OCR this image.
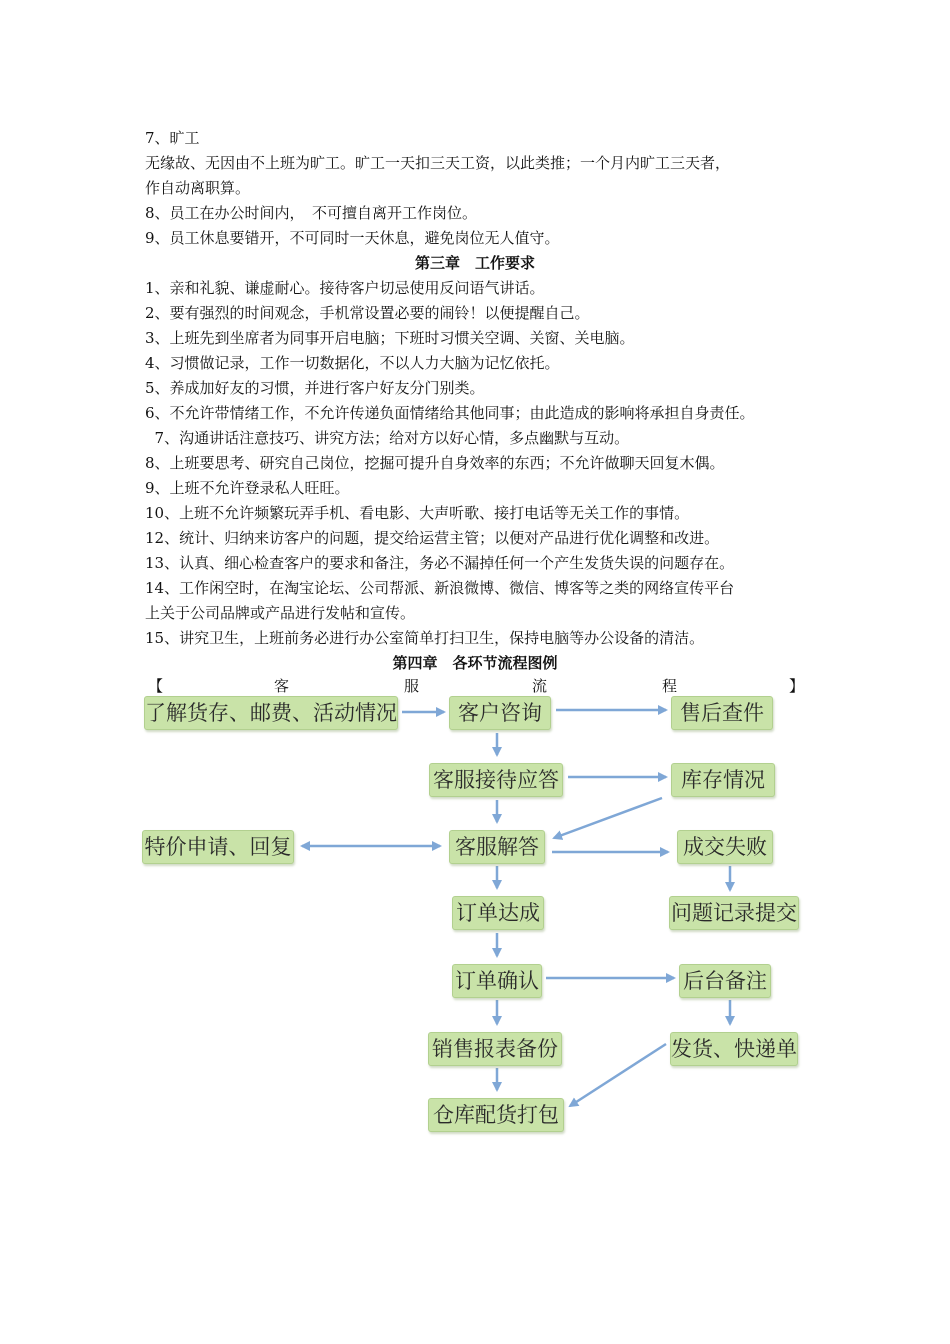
7、旷工
无缘故、无因由不上班为旷工。旷工一天扣三天工资，以此类推；一个月内旷工三天者，
作自动离职算。
8、员工在办公时间内，　不可擅自离开工作岗位。
9、员工休息要错开，不可同时一天休息，避免岗位无人值守。
第三章　工作要求
1、亲和礼貌、谦虚耐心。接待客户切忌使用反问语气讲话。
2、要有强烈的时间观念，手机常设置必要的闹铃！以便提醒自己。
3、上班先到坐席者为同事开启电脑；下班时习惯关空调、关窗、关电脑。
4、习惯做记录，工作一切数据化，不以人力大脑为记忆依托。
5、养成加好友的习惯，并进行客户好友分门别类。
6、不允许带情绪工作，不允许传递负面情绪给其他同事；由此造成的影响将承担自身责任。
7、沟通讲话注意技巧、讲究方法；给对方以好心情，多点幽默与互动。
8、上班要思考、研究自己岗位，挖掘可提升自身效率的东西；不允许做聊天回复木偶。
9、上班不允许登录私人旺旺。
10、上班不允许频繁玩弄手机、看电影、大声听歌、接打电话等无关工作的事情。
12、统计、归纳来访客户的问题，提交给运营主管；以便对产品进行优化调整和改进。
13、认真、细心检查客户的要求和备注，务必不漏掉任何一个产生发货失误的问题存在。
14、工作闲空时，在淘宝论坛、公司帮派、新浪微博、微信、博客等之类的网络宣传平台
上关于公司品牌或产品进行发帖和宣传。
15、讲究卫生，上班前务必进行办公室简单打扫卫生，保持电脑等办公设备的清洁。
第四章　各环节流程图例
【	客	服	流	程	】
了解货存、邮费、活动情况	客户咨询	售后查件
客服接待应答	库存情况
特价申请、回复	客服解答	成交失败
订单达成	问题记录提交
订单确认	后台备注
销售报表备份	发货、快递单
仓库配货打包
